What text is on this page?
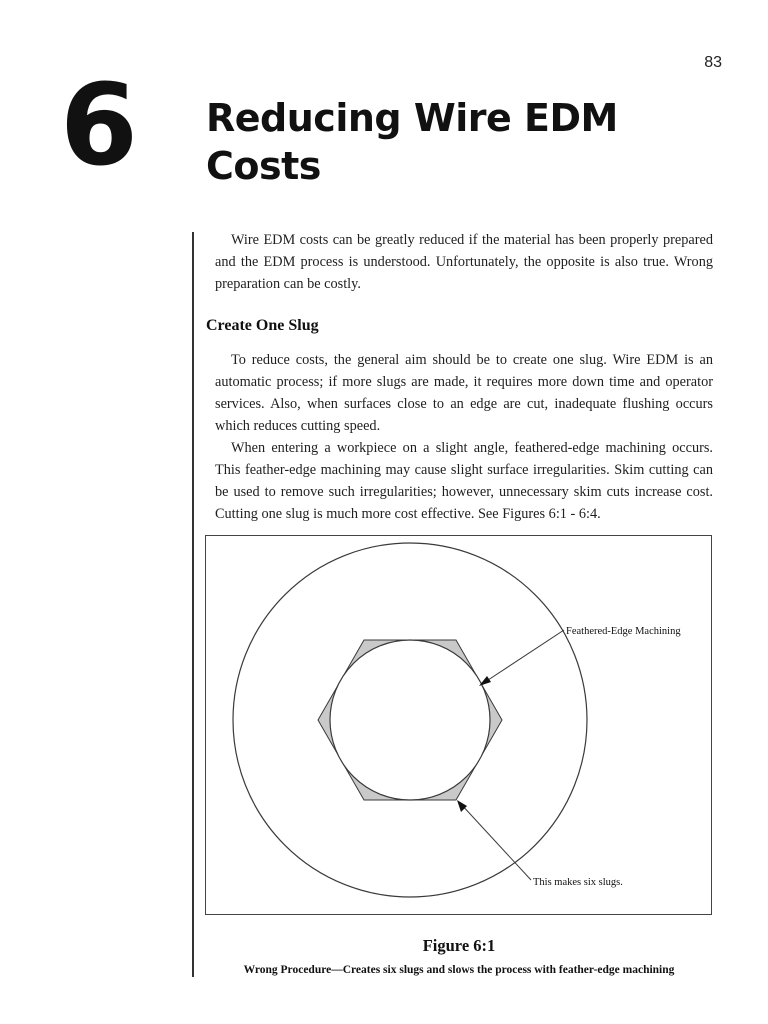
83
6 Reducing Wire EDM Costs

Wire EDM costs can be greatly reduced if the material has been properly prepared and the EDM process is understood. Unfortunately, the opposite is also true. Wrong preparation can be costly.

Create One Slug

To reduce costs, the general aim should be to create one slug. Wire EDM is an automatic process; if more slugs are made, it requires more down time and operator services. Also, when surfaces close to an edge are cut, inadequate flushing occurs which reduces cutting speed.

When entering a workpiece on a slight angle, feathered-edge machining occurs. This feather-edge machining may cause slight surface irregularities. Skim cutting can be used to remove such irregularities; however, unnecessary skim cuts increase cost. Cutting one slug is much more cost effective. See Figures 6:1 - 6:4.

Feathered-Edge Machining
This makes six slugs.
Figure 6:1
Wrong Procedure—Creates six slugs and slows the process with feather-edge machining
